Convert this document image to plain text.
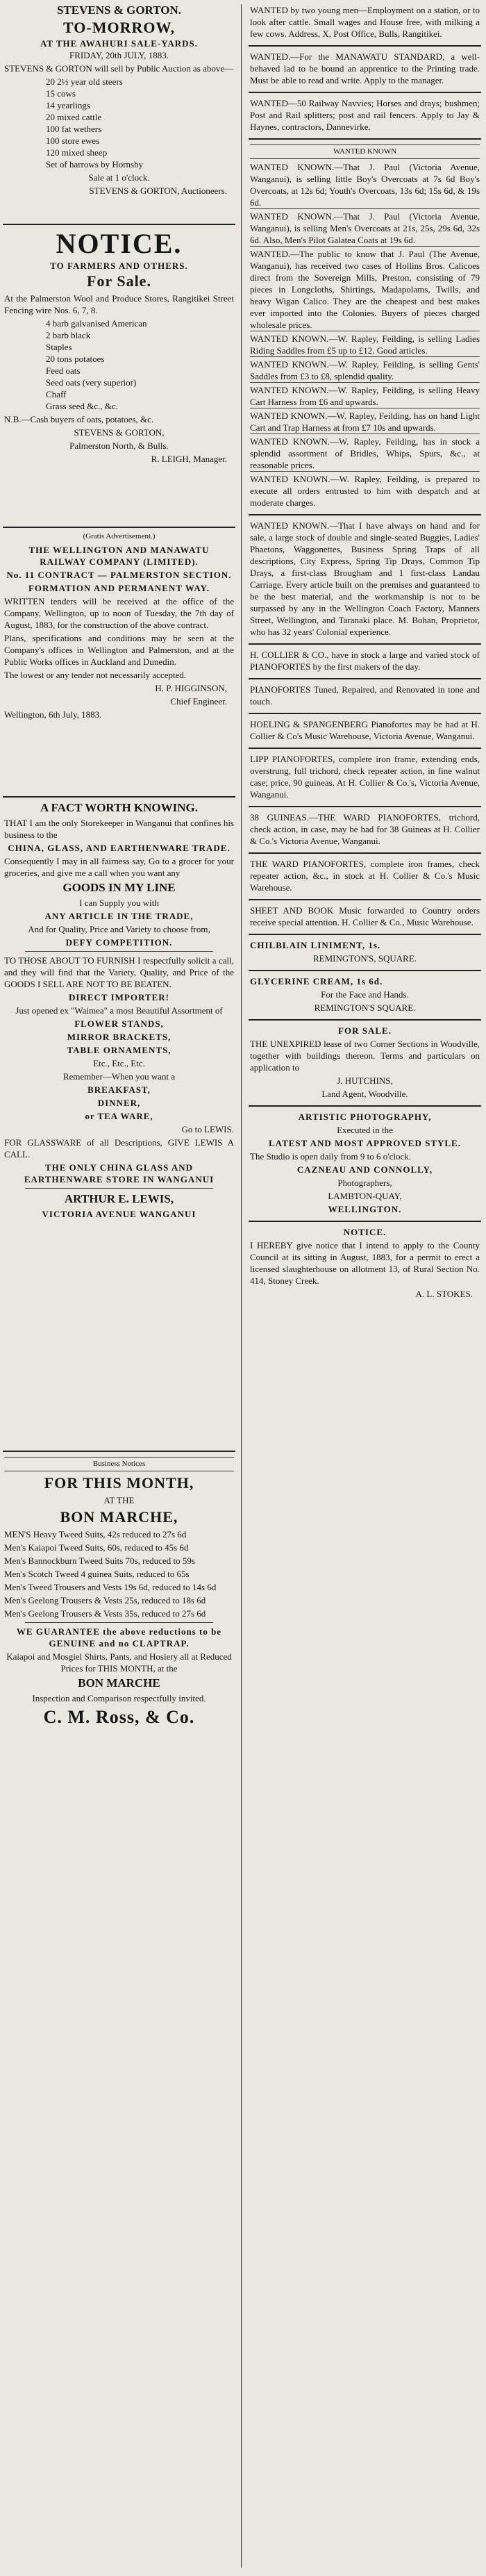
STEVENS & GORTON.
TO-MORROW,
AT THE AWAHURI SALE-YARDS.
FRIDAY, 20th JULY, 1883.

STEVENS & GORTON will sell by Public Auction as above—

20 2½ year old steers

15 cows

14 yearlings

20 mixed cattle

100 fat wethers

100 store ewes

120 mixed sheep

Set of harrows by Hornsby

Sale at 1 o'clock.

STEVENS & GORTON, Auctioneers.

NOTICE.
TO FARMERS AND OTHERS.
For Sale.

At the Palmerston Wool and Produce Stores, Rangitikei Street Fencing wire Nos. 6, 7, 8.

4 barb galvanised American

2 barb black

Staples

20 tons potatoes

Feed oats

Seed oats (very superior)

Chaff

Grass seed &c., &c.

N.B.—Cash buyers of oats, potatoes, &c.

STEVENS & GORTON,

Palmerston North, & Bulls.

R. LEIGH, Manager.

(Gratis Advertisement.)

THE WELLINGTON AND MANAWATU RAILWAY COMPANY (LIMITED).

No. 11 CONTRACT — PALMERSTON SECTION.

FORMATION AND PERMANENT WAY.

WRITTEN tenders will be received at the office of the Company, Wellington, up to noon of Tuesday, the 7th day of August, 1883, for the construction of the above contract.

Plans, specifications and conditions may be seen at the Company's offices in Wellington and Palmerston, and at the Public Works offices in Auckland and Dunedin.

The lowest or any tender not necessarily accepted.

H. P. HIGGINSON,

Chief Engineer.

Wellington, 6th July, 1883.

A FACT WORTH KNOWING.

THAT I am the only Storekeeper in Wanganui that confines his business to the

CHINA, GLASS, AND EARTHENWARE TRADE.

Consequently I may in all fairness say, Go to a grocer for your groceries, and give me a call when you want any

GOODS IN MY LINE

I can Supply you with

ANY ARTICLE IN THE TRADE,

And for Quality, Price and Variety to choose from,

DEFY COMPETITION.

TO THOSE ABOUT TO FURNISH I respectfully solicit a call, and they will find that the Variety, Quality, and Price of the GOODS I SELL ARE NOT TO BE BEATEN.

DIRECT IMPORTER!

Just opened ex "Waimea" a most Beautiful Assortment of

FLOWER STANDS,

MIRROR BRACKETS,

TABLE ORNAMENTS,

Etc., Etc., Etc.

Remember—When you want a

BREAKFAST,

DINNER,

or TEA WARE,

Go to LEWIS.

FOR GLASSWARE of all Descriptions, GIVE LEWIS A CALL.

THE ONLY CHINA GLASS AND EARTHENWARE STORE IN WANGANUI

ARTHUR E. LEWIS,

VICTORIA AVENUE WANGANUI

Business Notices
FOR THIS MONTH,

AT THE

BON MARCHE,

MEN'S Heavy Tweed Suits, 42s reduced to 27s 6d

Men's Kaiapoi Tweed Suits, 60s, reduced to 45s 6d

Men's Bannockburn Tweed Suits 70s, reduced to 59s

Men's Scotch Tweed 4 guinea Suits, reduced to 65s

Men's Tweed Trousers and Vests 19s 6d, reduced to 14s 6d

Men's Geelong Trousers & Vests 25s, reduced to 18s 6d

Men's Geelong Trousers & Vests 35s, reduced to 27s 6d

WE GUARANTEE the above reductions to be GENUINE and no CLAPTRAP.

Kaiapoi and Mosgiel Shirts, Pants, and Hosiery all at Reduced Prices for THIS MONTH, at the

BON MARCHE

Inspection and Comparison respectfully invited.

C. M. Ross, & Co.

WANTED by two young men—Employment on a station, or to look after cattle. Small wages and House free, with milking a few cows. Address, X, Post Office, Bulls, Rangitikei.

WANTED.—For the MANAWATU STANDARD, a well-behaved lad to be bound an apprentice to the Printing trade. Must be able to read and write. Apply to the manager.

WANTED—50 Railway Navvies; Horses and drays; bushmen; Post and Rail splitters; post and rail fencers. Apply to Jay & Haynes, contractors, Dannevirke.

WANTED KNOWN

WANTED KNOWN.—That J. Paul (Victoria Avenue, Wanganui), is selling little Boy's Overcoats at 7s 6d Boy's Overcoats, at 12s 6d; Youth's Overcoats, 13s 6d; 15s 6d, & 19s 6d.

WANTED KNOWN.—That J. Paul (Victoria Avenue, Wanganui), is selling Men's Overcoats at 21s, 25s, 29s 6d, 32s 6d. Also, Men's Pilot Galatea Coats at 19s 6d.

WANTED.—The public to know that J. Paul (The Avenue, Wanganui), has received two cases of Hollins Bros. Calicoes direct from the Sovereign Mills, Preston, consisting of 79 pieces in Longcloths, Shirtings, Madapolams, Twills, and heavy Wigan Calico. They are the cheapest and best makes ever imported into the Colonies. Buyers of pieces charged wholesale prices.

WANTED KNOWN.—W. Rapley, Feilding, is selling Ladies Riding Saddles from £5 up to £12. Good articles.

WANTED KNOWN.—W. Rapley, Feilding, is selling Gents' Saddles from £3 to £8, splendid quality.

WANTED KNOWN.—W. Rapley, Feilding, is selling Heavy Cart Harness from £6 and upwards.

WANTED KNOWN.—W. Rapley, Feilding, has on hand Light Cart and Trap Harness at from £7 10s and upwards.

WANTED KNOWN.—W. Rapley, Feilding, has in stock a splendid assortment of Bridles, Whips, Spurs, &c., at reasonable prices.

WANTED KNOWN.—W. Rapley, Feilding, is prepared to execute all orders entrusted to him with despatch and at moderate charges.

WANTED KNOWN.—That I have always on hand and for sale, a large stock of double and single-seated Buggies, Ladies' Phaetons, Waggonettes, Business Spring Traps of all descriptions, City Express, Spring Tip Drays, Common Tip Drays, a first-class Brougham and 1 first-class Landau Carriage. Every article built on the premises and guaranteed to be the best material, and the workmanship is not to be surpassed by any in the Wellington Coach Factory, Manners Street, Wellington, and Taranaki place. M. Bohan, Proprietor, who has 32 years' Colonial experience.

H. COLLIER & CO., have in stock a large and varied stock of PIANOFORTES by the first makers of the day.

PIANOFORTES Tuned, Repaired, and Renovated in tone and touch.

HOELING & SPANGENBERG Pianofortes may be had at H. Collier & Co's Music Warehouse, Victoria Avenue, Wanganui.

LIPP PIANOFORTES, complete iron frame, extending ends, overstrung, full trichord, check repeater action, in fine walnut case; price, 90 guineas. At H. Collier & Co.'s, Victoria Avenue, Wanganui.

38 GUINEAS.—THE WARD PIANOFORTES, trichord, check action, in case, may be had for 38 Guineas at H. Collier & Co.'s Victoria Avenue, Wanganui.

THE WARD PIANOFORTES, complete iron frames, check repeater action, &c., in stock at H. Collier & Co.'s Music Warehouse.

SHEET AND BOOK Music forwarded to Country orders receive special attention. H. Collier & Co., Music Warehouse.

CHILBLAIN LINIMENT, 1s.

REMINGTON'S, SQUARE.

GLYCERINE CREAM, 1s 6d.

For the Face and Hands.

REMINGTON'S SQUARE.

FOR SALE.

THE UNEXPIRED lease of two Corner Sections in Woodville, together with buildings thereon. Terms and particulars on application to

J. HUTCHINS,

Land Agent, Woodville.

ARTISTIC PHOTOGRAPHY,

Executed in the

LATEST AND MOST APPROVED STYLE.

The Studio is open daily from 9 to 6 o'clock.

CAZNEAU AND CONNOLLY,

Photographers,

LAMBTON-QUAY,

WELLINGTON.

NOTICE.

I HEREBY give notice that I intend to apply to the County Council at its sitting in August, 1883, for a permit to erect a licensed slaughterhouse on allotment 13, of Rural Section No. 414, Stoney Creek.

A. L. STOKES.
